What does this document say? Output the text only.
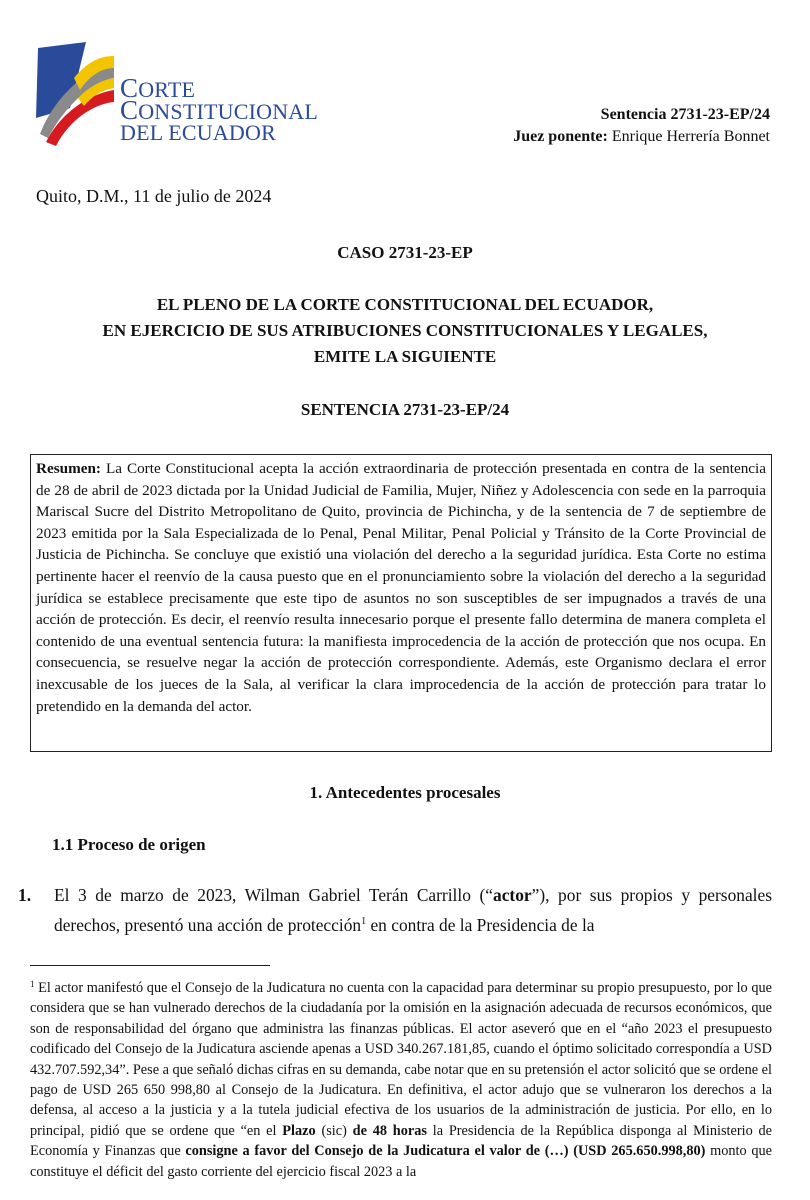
CORTE
CONSTITUCIONAL
DEL ECUADOR
Sentencia 2731-23-EP/24
Juez ponente: Enrique Herrería Bonnet
Quito, D.M., 11 de julio de 2024
CASO 2731-23-EP
EL PLENO DE LA CORTE CONSTITUCIONAL DEL ECUADOR,
EN EJERCICIO DE SUS ATRIBUCIONES CONSTITUCIONALES Y LEGALES,
EMITE LA SIGUIENTE
SENTENCIA 2731-23-EP/24
Resumen: La Corte Constitucional acepta la acción extraordinaria de protección presentada en contra de la sentencia de 28 de abril de 2023 dictada por la Unidad Judicial de Familia, Mujer, Niñez y Adolescencia con sede en la parroquia Mariscal Sucre del Distrito Metropolitano de Quito, provincia de Pichincha, y de la sentencia de 7 de septiembre de 2023 emitida por la Sala Especializada de lo Penal, Penal Militar, Penal Policial y Tránsito de la Corte Provincial de Justicia de Pichincha. Se concluye que existió una violación del derecho a la seguridad jurídica. Esta Corte no estima pertinente hacer el reenvío de la causa puesto que en el pronunciamiento sobre la violación del derecho a la seguridad jurídica se establece precisamente que este tipo de asuntos no son susceptibles de ser impugnados a través de una acción de protección. Es decir, el reenvío resulta innecesario porque el presente fallo determina de manera completa el contenido de una eventual sentencia futura: la manifiesta improcedencia de la acción de protección que nos ocupa. En consecuencia, se resuelve negar la acción de protección correspondiente. Además, este Organismo declara el error inexcusable de los jueces de la Sala, al verificar la clara improcedencia de la acción de protección para tratar lo pretendido en la demanda del actor.
1. Antecedentes procesales
1.1 Proceso de origen
1. El 3 de marzo de 2023, Wilman Gabriel Terán Carrillo (“actor”), por sus propios y personales derechos, presentó una acción de protección$^1$ en contra de la Presidencia de la
$^1$ El actor manifestó que el Consejo de la Judicatura no cuenta con la capacidad para determinar su propio presupuesto, por lo que considera que se han vulnerado derechos de la ciudadanía por la omisión en la asignación adecuada de recursos económicos, que son de responsabilidad del órgano que administra las finanzas públicas. El actor aseveró que en el “año 2023 el presupuesto codificado del Consejo de la Judicatura asciende apenas a USD 340.267.181,85, cuando el óptimo solicitado correspondía a USD 432.707.592,34”. Pese a que señaló dichas cifras en su demanda, cabe notar que en su pretensión el actor solicitó que se ordene el pago de USD 265 650 998,80 al Consejo de la Judicatura. En definitiva, el actor adujo que se vulneraron los derechos a la defensa, al acceso a la justicia y a la tutela judicial efectiva de los usuarios de la administración de justicia. Por ello, en lo principal, pidió que se ordene que “en el Plazo (sic) de 48 horas la Presidencia de la República disponga al Ministerio de Economía y Finanzas que consigne a favor del Consejo de la Judicatura el valor de (…) (USD 265.650.998,80) monto que constituye el déficit del gasto corriente del ejercicio fiscal 2023 a la
